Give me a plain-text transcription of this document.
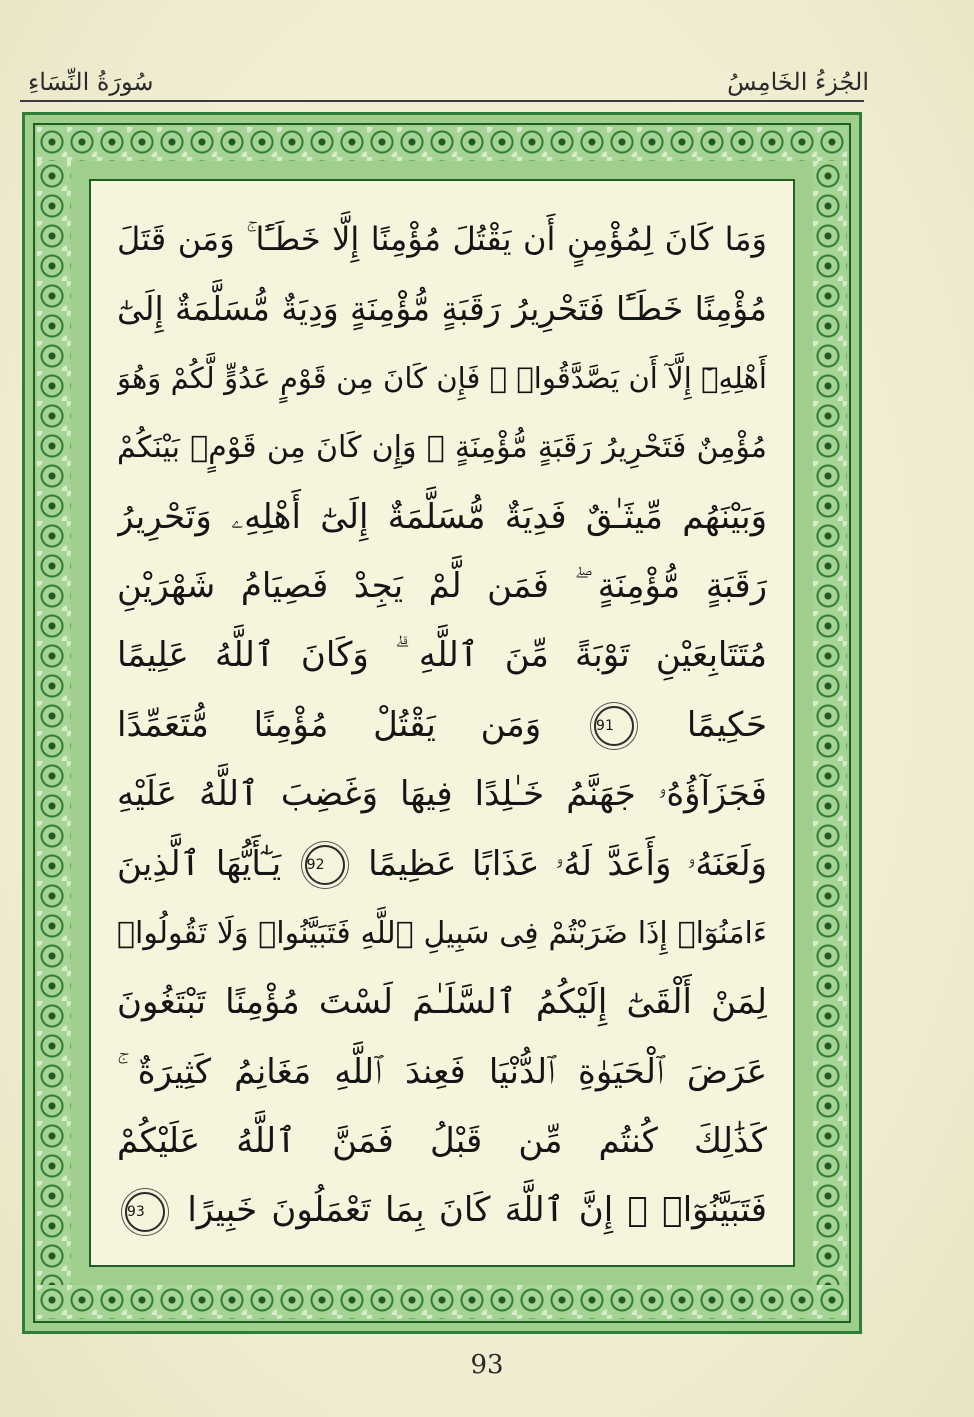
سُورَةُ النِّسَاءِ	الجُزءُ الخَامِسُ
وَمَا كَانَ لِمُؤْمِنٍ أَن يَقْتُلَ مُؤْمِنًا إِلَّا خَطَـًٔا ۚ وَمَن قَتَلَ
مُؤْمِنًا خَطَـًٔا فَتَحْرِيرُ رَقَبَةٍ مُّؤْمِنَةٍ وَدِيَةٌ مُّسَلَّمَةٌ إِلَىٰٓ
أَهْلِهِۦٓ إِلَّآ أَن يَصَّدَّقُوا۟ ۚ فَإِن كَانَ مِن قَوْمٍ عَدُوٍّ لَّكُمْ وَهُوَ
مُؤْمِنٌ فَتَحْرِيرُ رَقَبَةٍ مُّؤْمِنَةٍ ۖ وَإِن كَانَ مِن قَوْمٍۭ بَيْنَكُمْ
وَبَيْنَهُم مِّيثَـٰقٌ فَدِيَةٌ مُّسَلَّمَةٌ إِلَىٰٓ أَهْلِهِۦ وَتَحْرِيرُ
رَقَبَةٍ مُّؤْمِنَةٍ ۖ فَمَن لَّمْ يَجِدْ فَصِيَامُ شَهْرَيْنِ
مُتَتَابِعَيْنِ تَوْبَةً مِّنَ ٱللَّهِ ۗ وَكَانَ ٱللَّهُ عَلِيمًا
حَكِيمًا 91 وَمَن يَقْتُلْ مُؤْمِنًا مُّتَعَمِّدًا
فَجَزَآؤُهُۥ جَهَنَّمُ خَـٰلِدًا فِيهَا وَغَضِبَ ٱللَّهُ عَلَيْهِ
وَلَعَنَهُۥ وَأَعَدَّ لَهُۥ عَذَابًا عَظِيمًا 92 يَـٰٓأَيُّهَا ٱلَّذِينَ
ءَامَنُوٓا۟ إِذَا ضَرَبْتُمْ فِى سَبِيلِ ٱللَّهِ فَتَبَيَّنُوا۟ وَلَا تَقُولُوا۟
لِمَنْ أَلْقَىٰٓ إِلَيْكُمُ ٱلسَّلَـٰمَ لَسْتَ مُؤْمِنًا تَبْتَغُونَ
عَرَضَ ٱلْحَيَوٰةِ ٱلدُّنْيَا فَعِندَ ٱللَّهِ مَغَانِمُ كَثِيرَةٌ ۚ
كَذَٰلِكَ كُنتُم مِّن قَبْلُ فَمَنَّ ٱللَّهُ عَلَيْكُمْ
فَتَبَيَّنُوٓا۟ ۚ إِنَّ ٱللَّهَ كَانَ بِمَا تَعْمَلُونَ خَبِيرًا 93
93
